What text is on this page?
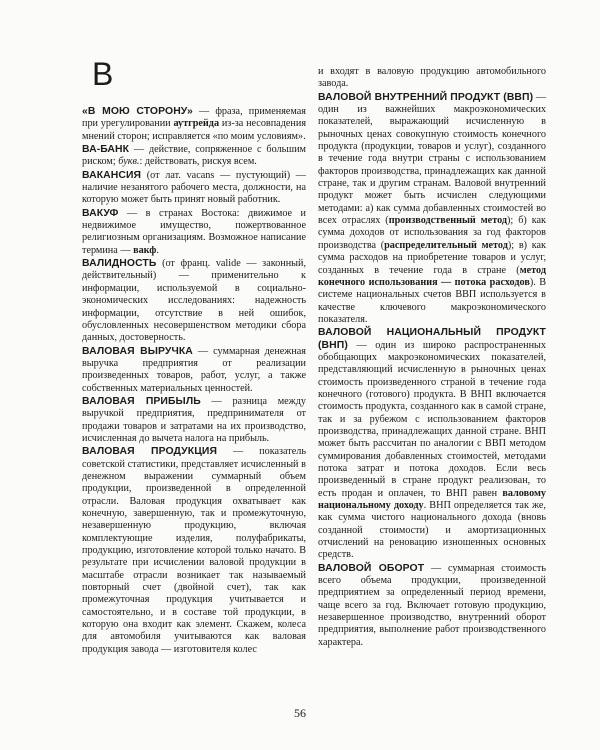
В
«В МОЮ СТОРОНУ» — фраза, применяемая при урегулировании аутгрейда из-за несовпадения мнений сторон; исправляется «по моим условиям».
ВА-БАНК — действие, сопряженное с большим риском; букв.: действовать, рискуя всем.
ВАКАНСИЯ (от лат. vacans — пустующий) — наличие незанятого рабочего места, должности, на которую может быть принят новый работник.
ВАКУФ — в странах Востока: движимое и недвижимое имущество, пожертвованное религиозным организациям. Возможное написание термина — вакф.
ВАЛИДНОСТЬ (от франц. valide — законный, действительный) — применительно к информации, используемой в социально-экономических исследованиях: надежность информации, отсутствие в ней ошибок, обусловленных несовершенством методики сбора данных, достоверность.
ВАЛОВАЯ ВЫРУЧКА — суммарная денежная выручка предприятия от реализации произведенных товаров, работ, услуг, а также собственных материальных ценностей.
ВАЛОВАЯ ПРИБЫЛЬ — разница между выручкой предприятия, предпринимателя от продажи товаров и затратами на их производство, исчисленная до вычета налога на прибыль.
ВАЛОВАЯ ПРОДУКЦИЯ — показатель советской статистики, представляет исчисленный в денежном выражении суммарный объем продукции, произведенной в определенной отрасли. Валовая продукция охватывает как конечную, завершенную, так и промежуточную, незавершенную продукцию, включая комплектующие изделия, полуфабрикаты, продукцию, изготовление которой только начато. В результате при исчислении валовой продукции в масштабе отрасли возникает так называемый повторный счет (двойной счет), так как промежуточная продукция учитывается и самостоятельно, и в составе той продукции, в которую она входит как элемент. Скажем, колеса для автомобиля учитываются как валовая продукция завода — изготовителя колес
и входят в валовую продукцию автомобильного завода.
ВАЛОВОЙ ВНУТРЕННИЙ ПРОДУКТ (ВВП) — один из важнейших макроэкономических показателей, выражающий исчисленную в рыночных ценах совокупную стоимость конечного продукта (продукции, товаров и услуг), созданного в течение года внутри страны с использованием факторов производства, принадлежащих как данной стране, так и другим странам. Валовой внутренний продукт может быть исчислен следующими методами: а) как сумма добавленных стоимостей во всех отраслях (производственный метод); б) как сумма доходов от использования за год факторов производства (распределительный метод); в) как сумма расходов на приобретение товаров и услуг, созданных в течение года в стране (метод конечного использования — потока расходов). В системе национальных счетов ВВП используется в качестве ключевого макроэкономического показателя.
ВАЛОВОЙ НАЦИОНАЛЬНЫЙ ПРОДУКТ (ВНП) — один из широко распространенных обобщающих макроэкономических показателей, представляющий исчисленную в рыночных ценах стоимость произведенного страной в течение года конечного (готового) продукта. В ВНП включается стоимость продукта, созданного как в самой стране, так и за рубежом с использованием факторов производства, принадлежащих данной стране. ВНП может быть рассчитан по аналогии с ВВП методом суммирования добавленных стоимостей, методами потока затрат и потока доходов. Если весь произведенный в стране продукт реализован, то есть продан и оплачен, то ВНП равен валовому национальному доходу. ВНП определяется так же, как сумма чистого национального дохода (вновь созданной стоимости) и амортизационных отчислений на реновацию изношенных основных средств.
ВАЛОВОЙ ОБОРОТ — суммарная стоимость всего объема продукции, произведенной предприятием за определенный период времени, чаще всего за год. Включает готовую продукцию, незавершенное производство, внутренний оборот предприятия, выполнение работ производственного характера.
56
